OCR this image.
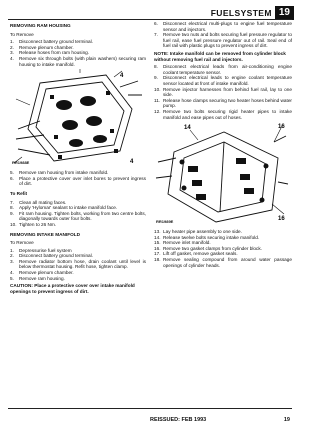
FUELSYSTEM 19
REMOVING RAM HOUSING
To Remove
1.	Disconnect battery ground terminal.
2.	Remove plenum chamber.
3.	Release hoses from ram housing.
4.	Remove six through bolts (with plain washers) securing ram housing to intake manifold.
4
4
RR1988E
5.	Remove ram housing from intake manifold.
6.	Place a protective cover over inlet bores to prevent ingress of dirt.
To Refit
7.	Clean all mating faces.
8.	Apply 'Hylomar' sealant to intake manifold face.
9.	Fit ram housing. Tighten bolts, working from two centre bolts, diagonally towards outer four bolts.
10. Tighten to 26 Nm.
REMOVING INTAKE MANIFOLD
To Remove
1.	Depressurise fuel system
2.	Disconnect battery ground terminal.
3.	Remove radiator bottom hose, drain coolant until level is below thermostat housing. Refit hose, tighten clamp.
4.	Remove plenum chamber.
5.	Remove ram housing.
CAUTION: Place a protective cover over intake manifold openings to prevent ingress of dirt.
6.	Disconnect electrical multi-plugs to engine fuel temperature sensor and injectors.
7.	Remove two nuts and bolts securing fuel pressure regulator to fuel rail, ease fuel pressure regulator out of rail. Seal end of fuel rail with plastic plugs to prevent ingress of dirt.
NOTE: Intake manifold can be removed from cylinder block without removing fuel rail and injectors.
8.	Disconnect electrical leads from air-conditioning engine coolant temperature sensor.
9.	Disconnect electrical leads to engine coolant temperature sensor located at front of intake manifold.
10. Remove injector harnesses from behind fuel rail, lay to one side.
11. Release hose clamps securing two heater hoses behind water pump.
12. Remove two bolts securing rigid heater pipes to intake manifold and ease pipes out of hoses.
16
14
16
RR1989E
13. Lay heater pipe assembly to one side.
14. Release twelve bolts securing intake manifold.
15. Remove inlet manifold.
16. Remove two gasket clamps from cylinder block.
17. Lift off gasket, remove gasket seals.
18. Remove sealing compound from around water passage openings of cylinder heads.
REISSUED: FEB 1993	19
